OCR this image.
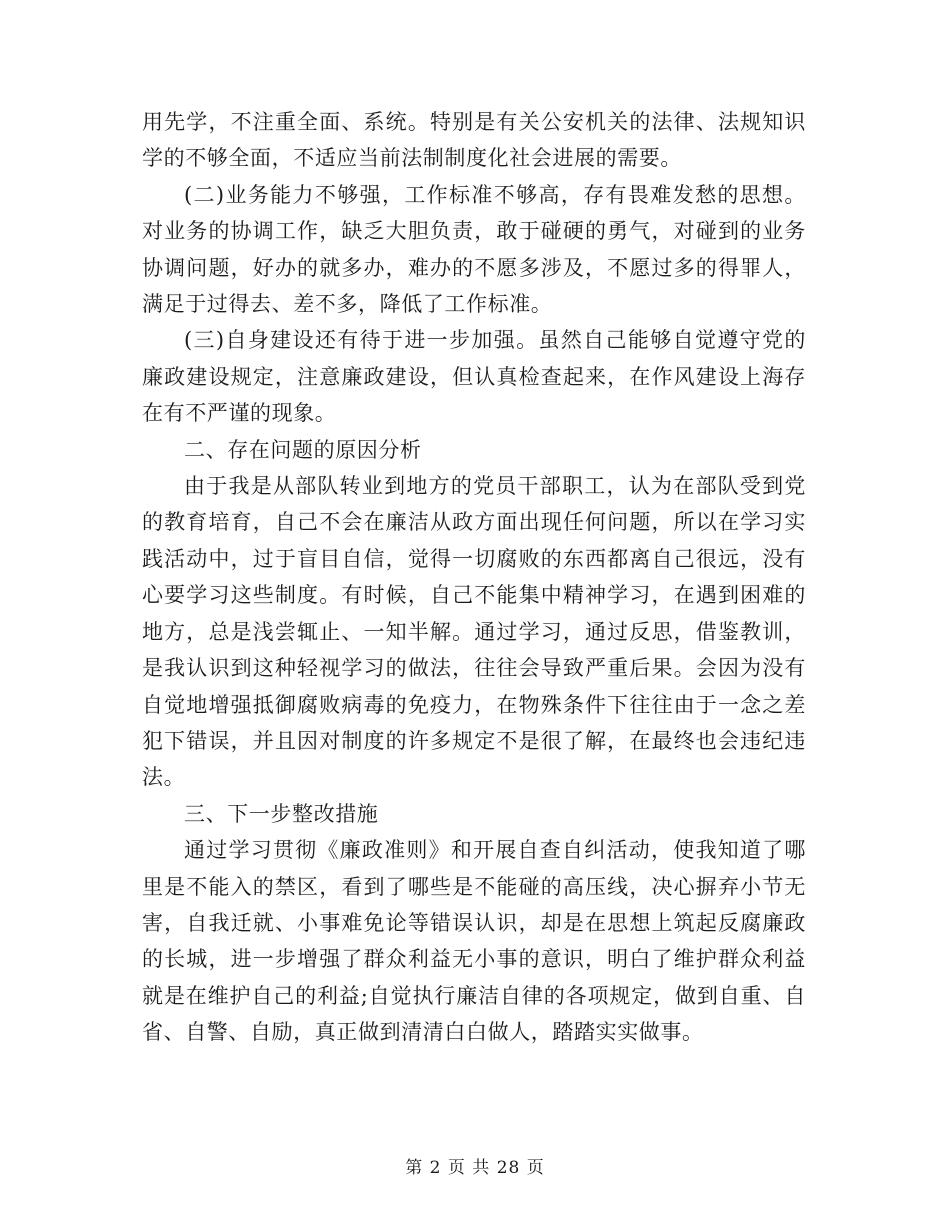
用先学，不注重全面、系统。特别是有关公安机关的法律、法规知识学的不够全面，不适应当前法制制度化社会进展的需要。

(二)业务能力不够强，工作标准不够高，存有畏难发愁的思想。对业务的协调工作，缺乏大胆负责，敢于碰硬的勇气，对碰到的业务协调问题，好办的就多办，难办的不愿多涉及，不愿过多的得罪人，满足于过得去、差不多，降低了工作标准。

(三)自身建设还有待于进一步加强。虽然自己能够自觉遵守党的廉政建设规定，注意廉政建设，但认真检查起来，在作风建设上海存在有不严谨的现象。

二、存在问题的原因分析

由于我是从部队转业到地方的党员干部职工，认为在部队受到党的教育培育，自己不会在廉洁从政方面出现任何问题，所以在学习实践活动中，过于盲目自信，觉得一切腐败的东西都离自己很远，没有心要学习这些制度。有时候，自己不能集中精神学习，在遇到困难的地方，总是浅尝辄止、一知半解。通过学习，通过反思，借鉴教训，是我认识到这种轻视学习的做法，往往会导致严重后果。会因为没有自觉地增强抵御腐败病毒的免疫力，在物殊条件下往往由于一念之差犯下错误，并且因对制度的许多规定不是很了解，在最终也会违纪违法。

三、下一步整改措施

通过学习贯彻《廉政准则》和开展自查自纠活动，使我知道了哪里是不能入的禁区，看到了哪些是不能碰的高压线，决心摒弃小节无害，自我迁就、小事难免论等错误认识，却是在思想上筑起反腐廉政的长城，进一步增强了群众利益无小事的意识，明白了维护群众利益就是在维护自己的利益;自觉执行廉洁自律的各项规定，做到自重、自省、自警、自励，真正做到清清白白做人，踏踏实实做事。

第 2 页 共 28 页
